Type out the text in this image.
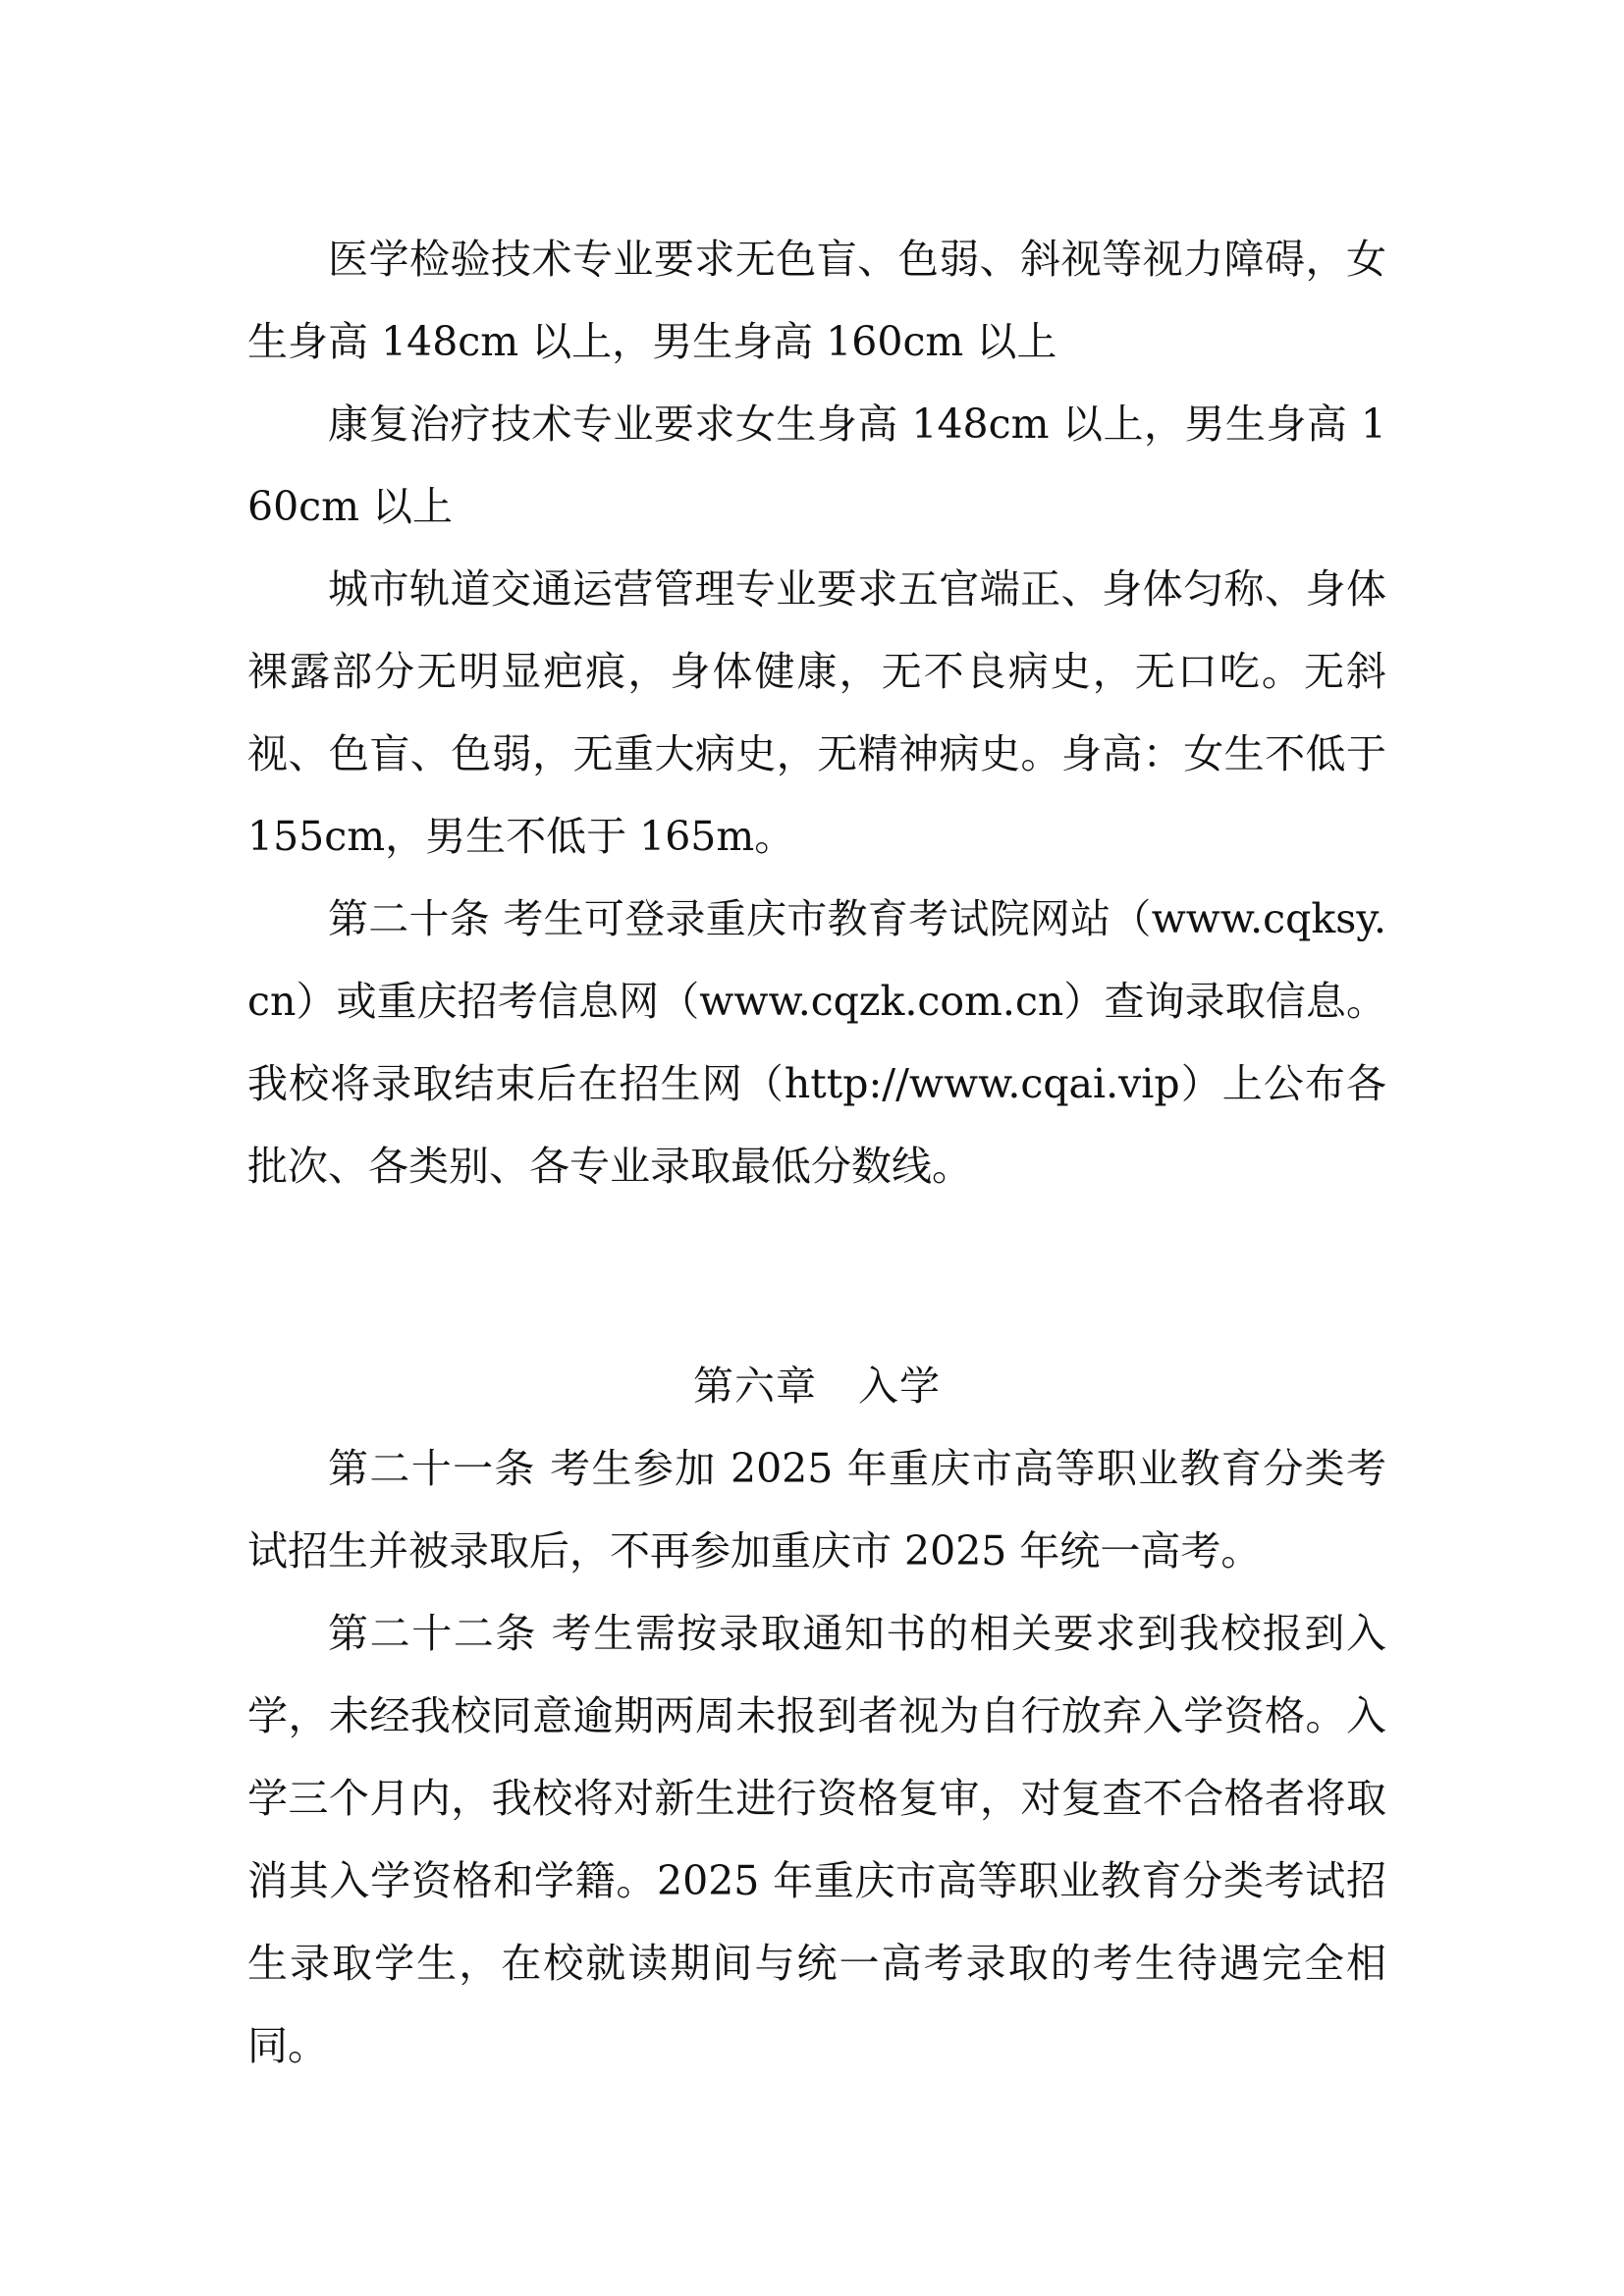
医学检验技术专业要求无色盲、色弱、斜视等视力障碍，女生身高 148cm 以上，男生身高 160cm 以上

康复治疗技术专业要求女生身高 148cm 以上，男生身高 160cm 以上

城市轨道交通运营管理专业要求五官端正、身体匀称、身体裸露部分无明显疤痕，身体健康，无不良病史，无口吃。无斜视、色盲、色弱，无重大病史，无精神病史。身高：女生不低于 155cm，男生不低于 165m。

第二十条 考生可登录重庆市教育考试院网站（www.cqksy.cn）或重庆招考信息网（www.cqzk.com.cn）查询录取信息。我校将录取结束后在招生网（http://www.cqai.vip）上公布各批次、各类别、各专业录取最低分数线。

第六章　入学

第二十一条 考生参加 2025 年重庆市高等职业教育分类考试招生并被录取后，不再参加重庆市 2025 年统一高考。

第二十二条 考生需按录取通知书的相关要求到我校报到入学，未经我校同意逾期两周未报到者视为自行放弃入学资格。入学三个月内，我校将对新生进行资格复审，对复查不合格者将取消其入学资格和学籍。2025 年重庆市高等职业教育分类考试招生录取学生，在校就读期间与统一高考录取的考生待遇完全相同。
